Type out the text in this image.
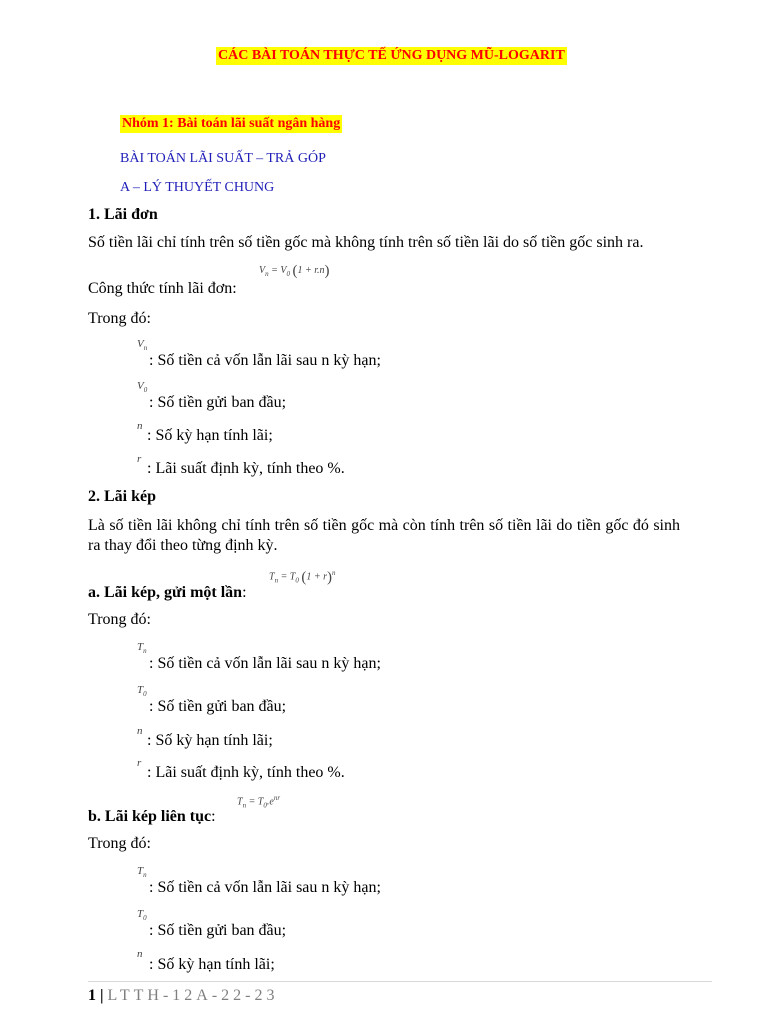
CÁC BÀI TOÁN THỰC TẾ ỨNG DỤNG MŨ-LOGARIT
Nhóm 1: Bài toán lãi suất ngân hàng
BÀI TOÁN LÃI SUẤT – TRẢ GÓP
A – LÝ THUYẾT CHUNG
1. Lãi đơn
Số tiền lãi chỉ tính trên số tiền gốc mà không tính trên số tiền lãi do số tiền gốc sinh ra.
$V_n = V_0$ (1 + r.n)
Công thức tính lãi đơn:
Trong đó:
$V_n$
: Số tiền cả vốn lẫn lãi sau n kỳ hạn;
$V_0$
: Số tiền gửi ban đầu;
n
: Số kỳ hạn tính lãi;
r
: Lãi suất định kỳ, tính theo %.
2. Lãi kép
Là số tiền lãi không chỉ tính trên số tiền gốc mà còn tính trên số tiền lãi do tiền gốc đó sinh ra thay đổi theo từng định kỳ.
$T_n = T_0$ $(1 + r)^n$
a. Lãi kép, gửi một lần:
Trong đó:
$T_n$
: Số tiền cả vốn lẫn lãi sau n kỳ hạn;
$T_0$
: Số tiền gửi ban đầu;
n
: Số kỳ hạn tính lãi;
r
: Lãi suất định kỳ, tính theo %.
$T_n = T_0.e^{nr}$
b. Lãi kép liên tục:
Trong đó:
$T_n$
: Số tiền cả vốn lẫn lãi sau n kỳ hạn;
$T_0$
: Số tiền gửi ban đầu;
n
: Số kỳ hạn tính lãi;
1 | LTTH-12A-22-23
